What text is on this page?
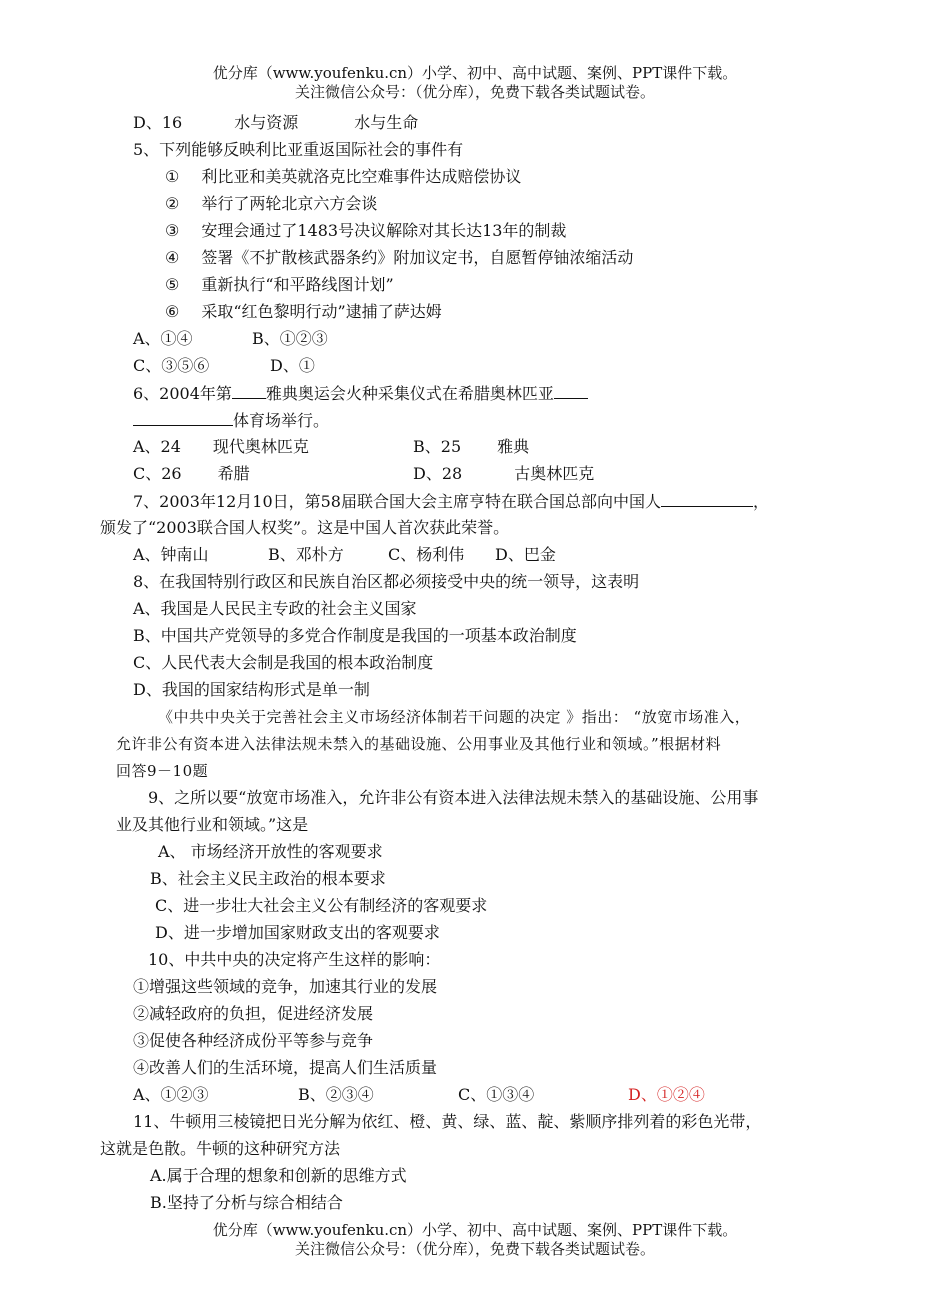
优分库（www.youfenku.cn）小学、初中、高中试题、案例、PPT课件下载。
关注微信公众号：（优分库），免费下载各类试题试卷。
D、16	水与资源	水与生命
5、下列能够反映利比亚重返国际社会的事件有
① 利比亚和美英就洛克比空难事件达成赔偿协议
② 举行了两轮北京六方会谈
③ 安理会通过了1483号决议解除对其长达13年的制裁
④ 签署《不扩散核武器条约》附加议定书，自愿暂停铀浓缩活动
⑤ 重新执行“和平路线图计划”
⑥ 采取“红色黎明行动”逮捕了萨达姆
A、①④	B、①②③
C、③⑤⑥	D、①
6、2004年第 雅典奥运会火种采集仪式在希腊奥林匹亚
体育场举行。
A、24 现代奥林匹克	B、25 雅典
C、26 希腊	D、28	古奥林匹克
7、2003年12月10日，第58届联合国大会主席亨特在联合国总部向中国人	，
颁发了“2003联合国人权奖”。这是中国人首次获此荣誉。
A、钟南山	B、邓朴方	C、杨利伟 D、巴金
8、在我国特别行政区和民族自治区都必须接受中央的统一领导，这表明
A、我国是人民民主专政的社会主义国家
B、中国共产党领导的多党合作制度是我国的一项基本政治制度
C、人民代表大会制是我国的根本政治制度
D、我国的国家结构形式是单一制
《中共中央关于完善社会主义市场经济体制若干问题的决定 》指出： “放宽市场准入，
允许非公有资本进入法律法规未禁入的基础设施、公用事业及其他行业和领域。”根据材料
回答9－10题
9、之所以要“放宽市场准入，允许非公有资本进入法律法规未禁入的基础设施、公用事
业及其他行业和领域。”这是
A、 市场经济开放性的客观要求
B、社会主义民主政治的根本要求
C、进一步壮大社会主义公有制经济的客观要求
D、进一步增加国家财政支出的客观要求
10、中共中央的决定将产生这样的影响：
①增强这些领域的竞争，加速其行业的发展
②减轻政府的负担，促进经济发展
③促使各种经济成份平等参与竞争
④改善人们的生活环境，提高人们生活质量
A、①②③	B、②③④	C、①③④	D、①②④
11、牛顿用三棱镜把日光分解为依红、橙、黄、绿、蓝、靛、紫顺序排列着的彩色光带，
这就是色散。牛顿的这种研究方法
A.属于合理的想象和创新的思维方式
B.坚持了分析与综合相结合
优分库（www.youfenku.cn）小学、初中、高中试题、案例、PPT课件下载。
关注微信公众号：（优分库），免费下载各类试题试卷。
